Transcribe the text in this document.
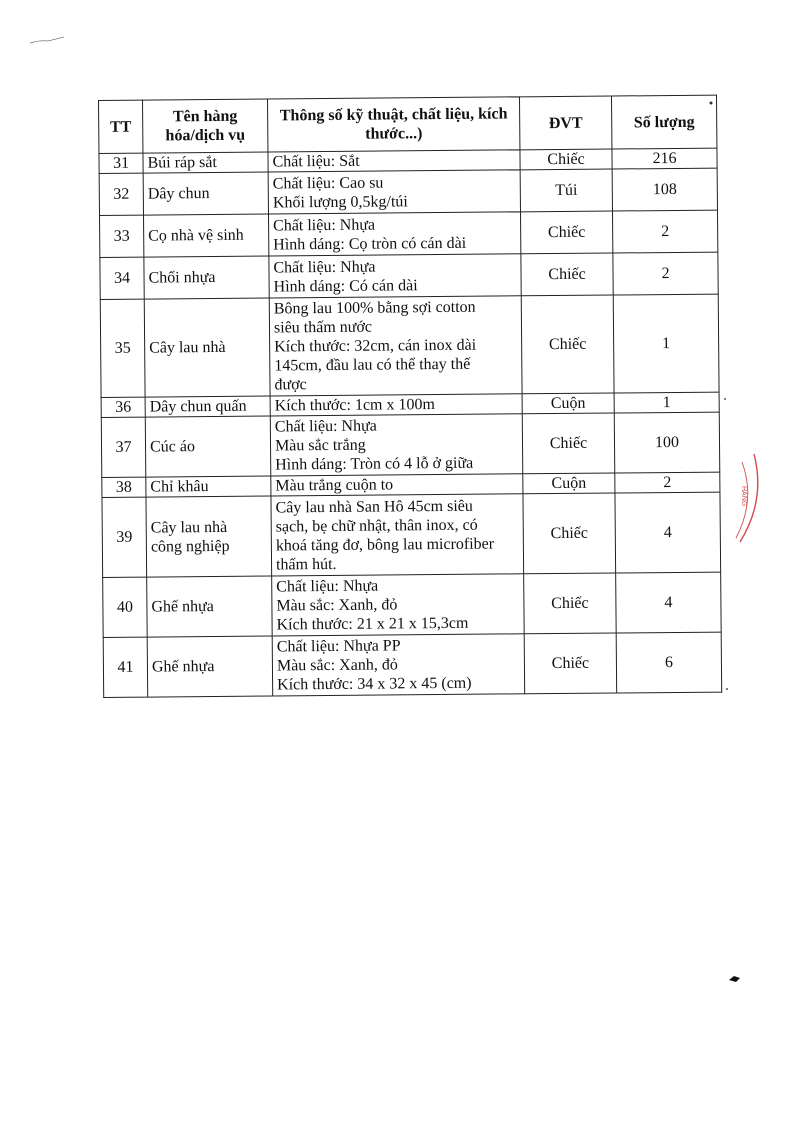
HÀNG
TT	Tên hàng hóa/dịch vụ	Thông số kỹ thuật, chất liệu, kích thước...)	ĐVT	Số lượng
31	Búi ráp sắt	Chất liệu: Sắt	Chiếc	216
32	Dây chun	Chất liệu: Cao su
Khối lượng 0,5kg/túi	Túi	108
33	Cọ nhà vệ sinh	Chất liệu: Nhựa
Hình dáng: Cọ tròn có cán dài	Chiếc	2
34	Chổi nhựa	Chất liệu: Nhựa
Hình dáng: Có cán dài	Chiếc	2
35	Cây lau nhà	Bông lau 100% bằng sợi cotton
siêu thấm nước
Kích thước: 32cm, cán inox dài
145cm, đầu lau có thể thay thế
được	Chiếc	1
36	Dây chun quấn	Kích thước: 1cm x 100m	Cuộn	1
37	Cúc áo	Chất liệu: Nhựa
Màu sắc trắng
Hình dáng: Tròn có 4 lỗ ở giữa	Chiếc	100
38	Chỉ khâu	Màu trắng cuộn to	Cuộn	2
39	Cây lau nhà
công nghiệp	Cây lau nhà San Hô 45cm siêu
sạch, bẹ chữ nhật, thân inox, có
khoá tăng đơ, bông lau microfiber
thấm hút.	Chiếc	4
40	Ghế nhựa	Chất liệu: Nhựa
Màu sắc: Xanh, đỏ
Kích thước: 21 x 21 x 15,3cm	Chiếc	4
41	Ghế nhựa	Chất liệu: Nhựa PP
Màu sắc: Xanh, đỏ
Kích thước: 34 x 32 x 45 (cm)	Chiếc	6
